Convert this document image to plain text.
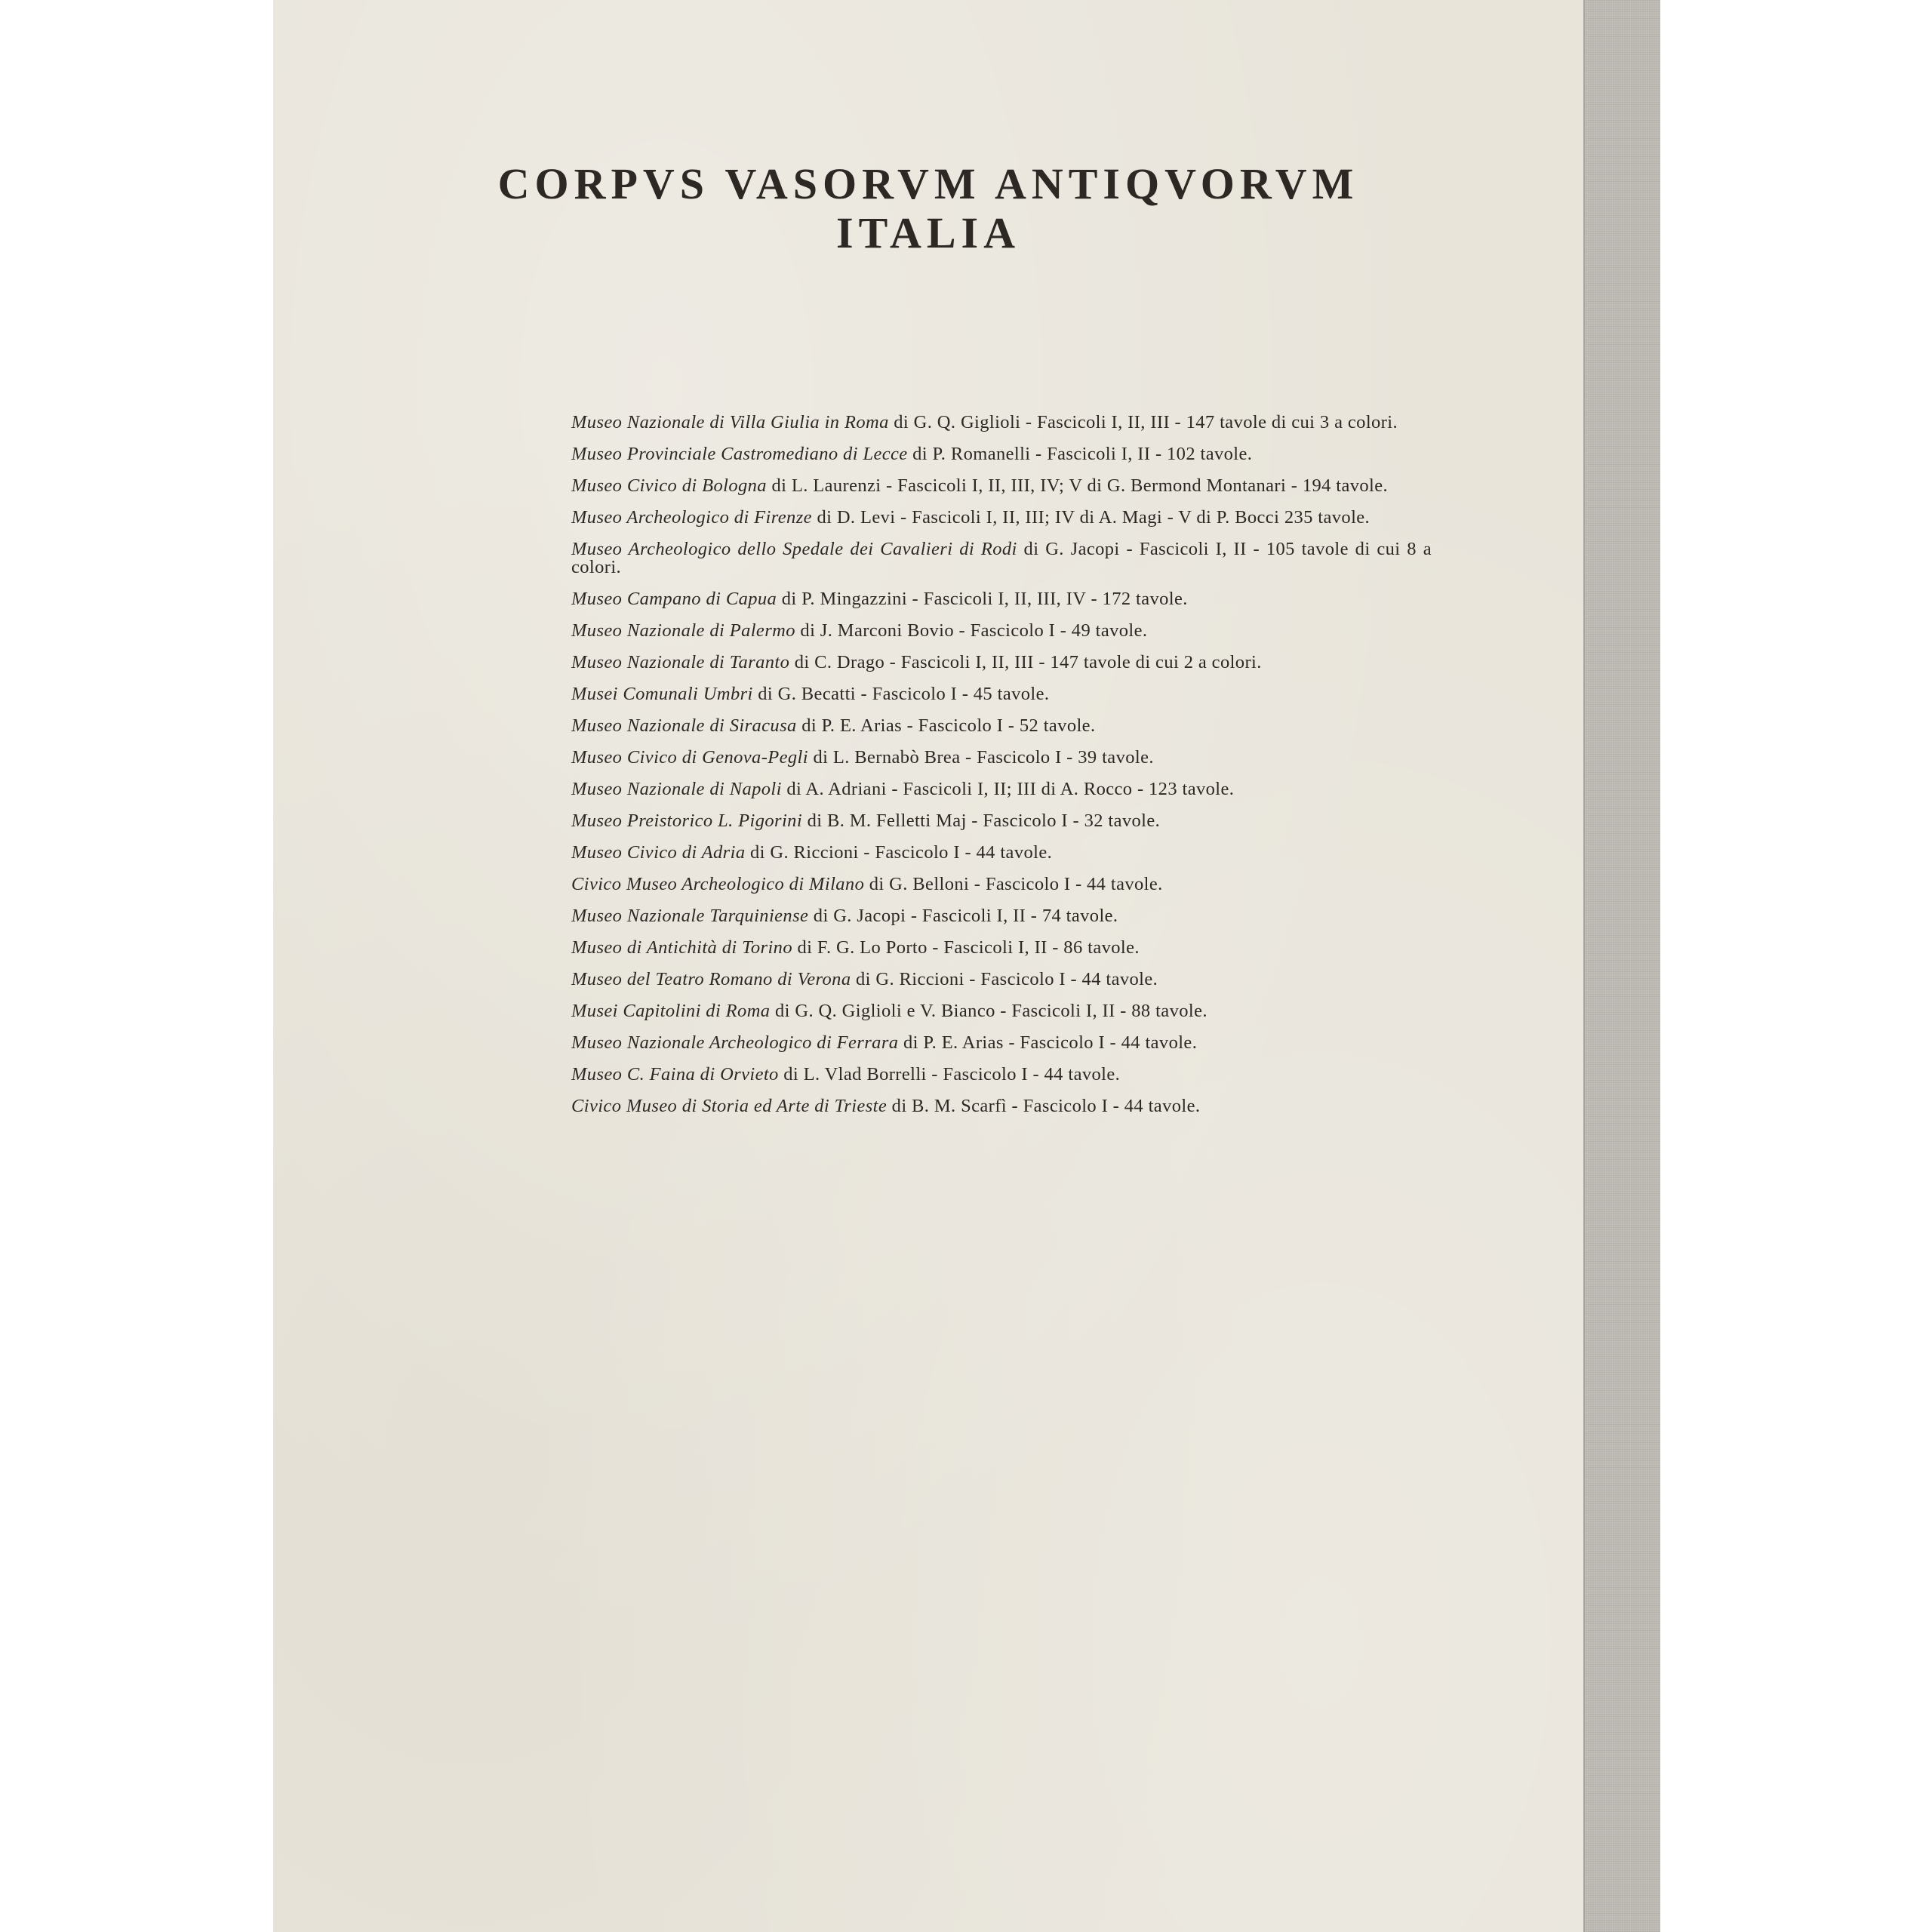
CORPVS VASORVM ANTIQVORVM
ITALIA
Museo Nazionale di Villa Giulia in Roma di G. Q. Giglioli - Fascicoli I, II, III - 147 tavole di cui 3 a colori.
Museo Provinciale Castromediano di Lecce di P. Romanelli - Fascicoli I, II - 102 tavole.
Museo Civico di Bologna di L. Laurenzi - Fascicoli I, II, III, IV; V di G. Bermond Montanari - 194 tavole.
Museo Archeologico di Firenze di D. Levi - Fascicoli I, II, III; IV di A. Magi - V di P. Bocci 235 tavole.
Museo Archeologico dello Spedale dei Cavalieri di Rodi di G. Jacopi - Fascicoli I, II - 105 tavole di cui 8 a colori.
Museo Campano di Capua di P. Mingazzini - Fascicoli I, II, III, IV - 172 tavole.
Museo Nazionale di Palermo di J. Marconi Bovio - Fascicolo I - 49 tavole.
Museo Nazionale di Taranto di C. Drago - Fascicoli I, II, III - 147 tavole di cui 2 a colori.
Musei Comunali Umbri di G. Becatti - Fascicolo I - 45 tavole.
Museo Nazionale di Siracusa di P. E. Arias - Fascicolo I - 52 tavole.
Museo Civico di Genova-Pegli di L. Bernabò Brea - Fascicolo I - 39 tavole.
Museo Nazionale di Napoli di A. Adriani - Fascicoli I, II; III di A. Rocco - 123 tavole.
Museo Preistorico L. Pigorini di B. M. Felletti Maj - Fascicolo I - 32 tavole.
Museo Civico di Adria di G. Riccioni - Fascicolo I - 44 tavole.
Civico Museo Archeologico di Milano di G. Belloni - Fascicolo I - 44 tavole.
Museo Nazionale Tarquiniense di G. Jacopi - Fascicoli I, II - 74 tavole.
Museo di Antichità di Torino di F. G. Lo Porto - Fascicoli I, II - 86 tavole.
Museo del Teatro Romano di Verona di G. Riccioni - Fascicolo I - 44 tavole.
Musei Capitolini di Roma di G. Q. Giglioli e V. Bianco - Fascicoli I, II - 88 tavole.
Museo Nazionale Archeologico di Ferrara di P. E. Arias - Fascicolo I - 44 tavole.
Museo C. Faina di Orvieto di L. Vlad Borrelli - Fascicolo I - 44 tavole.
Civico Museo di Storia ed Arte di Trieste di B. M. Scarfì - Fascicolo I - 44 tavole.
